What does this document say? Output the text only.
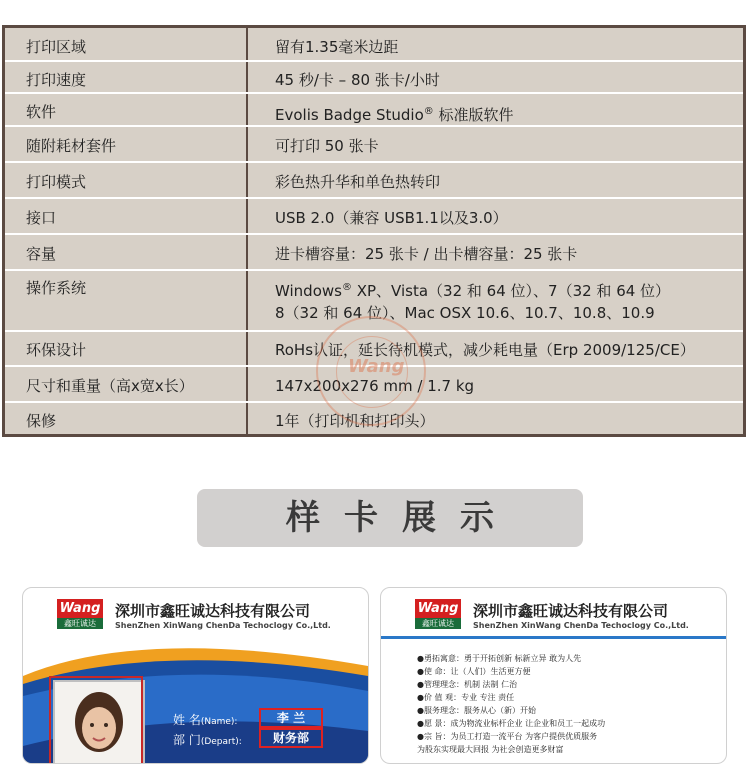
打印区域	留有1.35毫米边距
打印速度	45 秒/卡 – 80 张卡/小时
软件	Evolis Badge Studio® 标准版软件
随附耗材套件	可打印 50 张卡
打印模式	彩色热升华和单色热转印
接口	USB 2.0（兼容 USB1.1以及3.0）
容量	进卡槽容量：25 张卡 / 出卡槽容量：25 张卡
操作系统	Windows® XP、Vista（32 和 64 位）、7（32 和 64 位）
8（32 和 64 位）、Mac OSX 10.6、10.7、10.8、10.9
环保设计	RoHs认证，延长待机模式，减少耗电量（Erp 2009/125/CE）
尺寸和重量（高x宽x长）	147x200x276 mm / 1.7 kg
保修	1年（打印机和打印头）
Wang
样卡展示
Wang
鑫旺诚达
深圳市鑫旺诚达科技有限公司
ShenZhen XinWang ChenDa Techoclogy Co.,Ltd.
姓 名(Name):	李 兰
部 门(Depart):	财务部
Wang
鑫旺诚达
深圳市鑫旺诚达科技有限公司
ShenZhen XinWang ChenDa Techoclogy Co.,Ltd.
●勇拓寓意：勇于开拓创新 标新立异 敢为人先
●使 命：让（人们）生活更方便
●管理理念：机制 法制 仁治
●价 值 观：专业 专注 责任
●服务理念：服务从心（新）开始
●愿 景：成为物流业标杆企业 让企业和员工一起成功
●宗 旨：为员工打造一流平台 为客户提供优质服务
为股东实现最大回报 为社会创造更多财富
